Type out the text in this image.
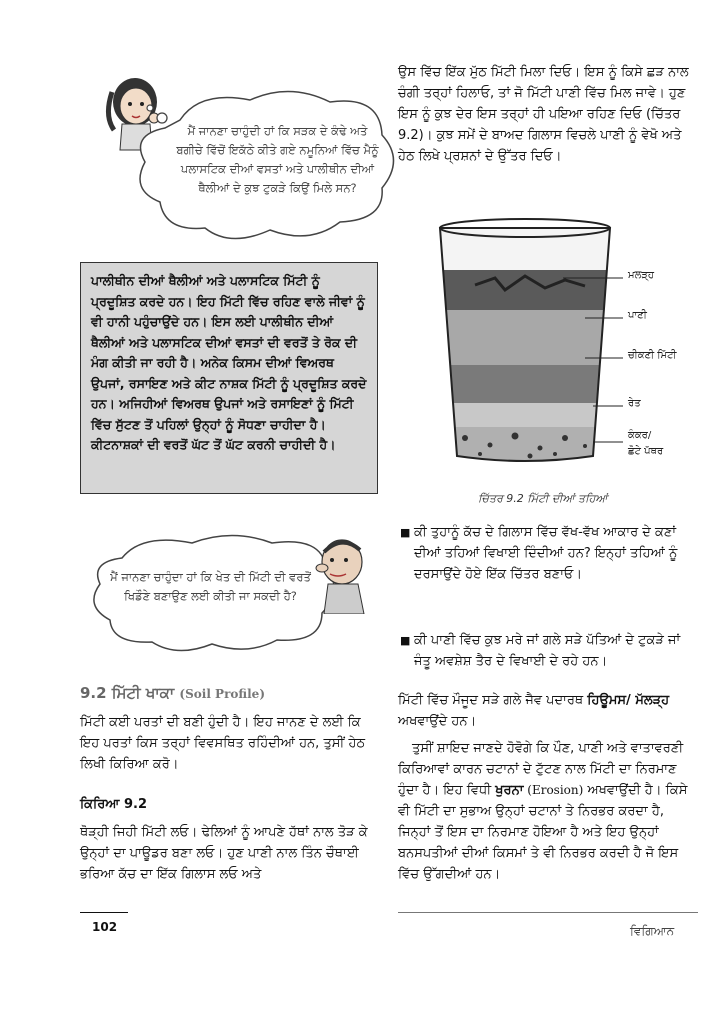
ਮੈਂ ਜਾਨਣਾ ਚਾਹੁੰਦੀ ਹਾਂ ਕਿ ਸੜਕ ਦੇ ਕੰਢੇ ਅਤੇ ਬਗੀਚੇ ਵਿੱਚੋਂ ਇਕੱਠੇ ਕੀਤੇ ਗਏ ਨਮੂਨਿਆਂ ਵਿੱਚ ਮੈਨੂੰ ਪਲਾਸਟਿਕ ਦੀਆਂ ਵਸਤਾਂ ਅਤੇ ਪਾਲੀਥੀਨ ਦੀਆਂ ਥੈਲੀਆਂ ਦੇ ਕੁਝ ਟੁਕੜੇ ਕਿਉਂ ਮਿਲੇ ਸਨ?
ਪਾਲੀਥੀਨ ਦੀਆਂ ਥੈਲੀਆਂ ਅਤੇ ਪਲਾਸਟਿਕ ਮਿੱਟੀ ਨੂੰ ਪ੍ਰਦੂਸ਼ਿਤ ਕਰਦੇ ਹਨ। ਇਹ ਮਿੱਟੀ ਵਿੱਚ ਰਹਿਣ ਵਾਲੇ ਜੀਵਾਂ ਨੂੰ ਵੀ ਹਾਨੀ ਪਹੁੰਚਾਉਂਦੇ ਹਨ। ਇਸ ਲਈ ਪਾਲੀਥੀਨ ਦੀਆਂ ਥੈਲੀਆਂ ਅਤੇ ਪਲਾਸਟਿਕ ਦੀਆਂ ਵਸਤਾਂ ਦੀ ਵਰਤੋਂ ਤੇ ਰੋਕ ਦੀ ਮੰਗ ਕੀਤੀ ਜਾ ਰਹੀ ਹੈ। ਅਨੇਕ ਕਿਸਮ ਦੀਆਂ ਵਿਅਰਥ ਉਪਜਾਂ, ਰਸਾਇਣ ਅਤੇ ਕੀਟ ਨਾਸ਼ਕ ਮਿੱਟੀ ਨੂੰ ਪ੍ਰਦੂਸ਼ਿਤ ਕਰਦੇ ਹਨ। ਅਜਿਹੀਆਂ ਵਿਅਰਥ ਉਪਜਾਂ ਅਤੇ ਰਸਾਇਣਾਂ ਨੂੰ ਮਿੱਟੀ ਵਿੱਚ ਸੁੱਟਣ ਤੋਂ ਪਹਿਲਾਂ ਉਨ੍ਹਾਂ ਨੂੰ ਸੋਧਣਾ ਚਾਹੀਦਾ ਹੈ। ਕੀਟਨਾਸ਼ਕਾਂ ਦੀ ਵਰਤੋਂ ਘੱਟ ਤੋਂ ਘੱਟ ਕਰਨੀ ਚਾਹੀਦੀ ਹੈ।
ਮੈਂ ਜਾਨਣਾ ਚਾਹੁੰਦਾ ਹਾਂ ਕਿ ਖੇਤ ਦੀ ਮਿੱਟੀ ਦੀ ਵਰਤੋਂ ਖਿਡੌਣੇ ਬਣਾਉਣ ਲਈ ਕੀਤੀ ਜਾ ਸਕਦੀ ਹੈ?
9.2 ਮਿੱਟੀ ਖਾਕਾ (Soil Profile)

ਮਿੱਟੀ ਕਈ ਪਰਤਾਂ ਦੀ ਬਣੀ ਹੁੰਦੀ ਹੈ। ਇਹ ਜਾਨਣ ਦੇ ਲਈ ਕਿ ਇਹ ਪਰਤਾਂ ਕਿਸ ਤਰ੍ਹਾਂ ਵਿਵਸਥਿਤ ਰਹਿੰਦੀਆਂ ਹਨ, ਤੁਸੀਂ ਹੇਠ ਲਿਖੀ ਕਿਰਿਆ ਕਰੋ।

ਕਿਰਿਆ 9.2

ਥੋੜ੍ਹੀ ਜਿਹੀ ਮਿੱਟੀ ਲਓ। ਢੇਲਿਆਂ ਨੂੰ ਆਪਣੇ ਹੱਥਾਂ ਨਾਲ ਤੋੜ ਕੇ ਉਨ੍ਹਾਂ ਦਾ ਪਾਊਡਰ ਬਣਾ ਲਓ। ਹੁਣ ਪਾਣੀ ਨਾਲ ਤਿੰਨ ਚੌਥਾਈ ਭਰਿਆ ਕੱਚ ਦਾ ਇੱਕ ਗਿਲਾਸ ਲਓ ਅਤੇ

102

ਉਸ ਵਿੱਚ ਇੱਕ ਮੁੱਠ ਮਿੱਟੀ ਮਿਲਾ ਦਿਓ। ਇਸ ਨੂੰ ਕਿਸੇ ਛੜ ਨਾਲ ਚੰਗੀ ਤਰ੍ਹਾਂ ਹਿਲਾਓ, ਤਾਂ ਜੋ ਮਿੱਟੀ ਪਾਣੀ ਵਿੱਚ ਮਿਲ ਜਾਵੇ। ਹੁਣ ਇਸ ਨੂੰ ਕੁਝ ਦੇਰ ਇਸ ਤਰ੍ਹਾਂ ਹੀ ਪਇਆ ਰਹਿਣ ਦਿਓ (ਚਿੱਤਰ 9.2)। ਕੁਝ ਸਮੇਂ ਦੇ ਬਾਅਦ ਗਿਲਾਸ ਵਿਚਲੇ ਪਾਣੀ ਨੂੰ ਵੇਖੋ ਅਤੇ ਹੇਠ ਲਿਖੇ ਪ੍ਰਸ਼ਨਾਂ ਦੇ ਉੱਤਰ ਦਿਓ।

ਮਲੜ੍ਹ
ਪਾਣੀ
ਚੀਕਣੀ ਮਿੱਟੀ
ਰੇਤ
ਕੰਕਰ/
ਛੋਟੇ ਪੱਥਰ
ਚਿੱਤਰ 9.2 ਮਿੱਟੀ ਦੀਆਂ ਤਹਿਆਂ
■ ਕੀ ਤੁਹਾਨੂੰ ਕੱਚ ਦੇ ਗਿਲਾਸ ਵਿੱਚ ਵੱਖ-ਵੱਖ ਆਕਾਰ ਦੇ ਕਣਾਂ ਦੀਆਂ ਤਹਿਆਂ ਵਿਖਾਈ ਦਿੰਦੀਆਂ ਹਨ? ਇਨ੍ਹਾਂ ਤਹਿਆਂ ਨੂੰ ਦਰਸਾਉਂਦੇ ਹੋਏ ਇੱਕ ਚਿੱਤਰ ਬਣਾਓ।
■ ਕੀ ਪਾਣੀ ਵਿੱਚ ਕੁਝ ਮਰੇ ਜਾਂ ਗਲੇ ਸੜੇ ਪੱਤਿਆਂ ਦੇ ਟੁਕੜੇ ਜਾਂ ਜੰਤੂ ਅਵਸ਼ੇਸ਼ ਤੈਰ ਦੇ ਵਿਖਾਈ ਦੇ ਰਹੇ ਹਨ।

ਮਿੱਟੀ ਵਿੱਚ ਮੌਜੂਦ ਸੜੇ ਗਲੇ ਜੈਵ ਪਦਾਰਥ ਹਿਊਮਸ/ ਮੱਲੜ੍ਹ ਅਖਵਾਉਂਦੇ ਹਨ।

ਤੁਸੀਂ ਸ਼ਾਇਦ ਜਾਣਦੇ ਹੋਵੋਗੇ ਕਿ ਪੌਣ, ਪਾਣੀ ਅਤੇ ਵਾਤਾਵਰਣੀ ਕਿਰਿਆਵਾਂ ਕਾਰਨ ਚਟਾਨਾਂ ਦੇ ਟੁੱਟਣ ਨਾਲ ਮਿੱਟੀ ਦਾ ਨਿਰਮਾਣ ਹੁੰਦਾ ਹੈ। ਇਹ ਵਿਧੀ ਖੁਰਨਾ (Erosion) ਅਖਵਾਉਂਦੀ ਹੈ। ਕਿਸੇ ਵੀ ਮਿੱਟੀ ਦਾ ਸੁਭਾਅ ਉਨ੍ਹਾਂ ਚਟਾਨਾਂ ਤੇ ਨਿਰਭਰ ਕਰਦਾ ਹੈ, ਜਿਨ੍ਹਾਂ ਤੋਂ ਇਸ ਦਾ ਨਿਰਮਾਣ ਹੋਇਆ ਹੈ ਅਤੇ ਇਹ ਉਨ੍ਹਾਂ ਬਨਸਪਤੀਆਂ ਦੀਆਂ ਕਿਸਮਾਂ ਤੇ ਵੀ ਨਿਰਭਰ ਕਰਦੀ ਹੈ ਜੋ ਇਸ ਵਿੱਚ ਉੱਗਦੀਆਂ ਹਨ।

ਵਿਗਿਆਨ
